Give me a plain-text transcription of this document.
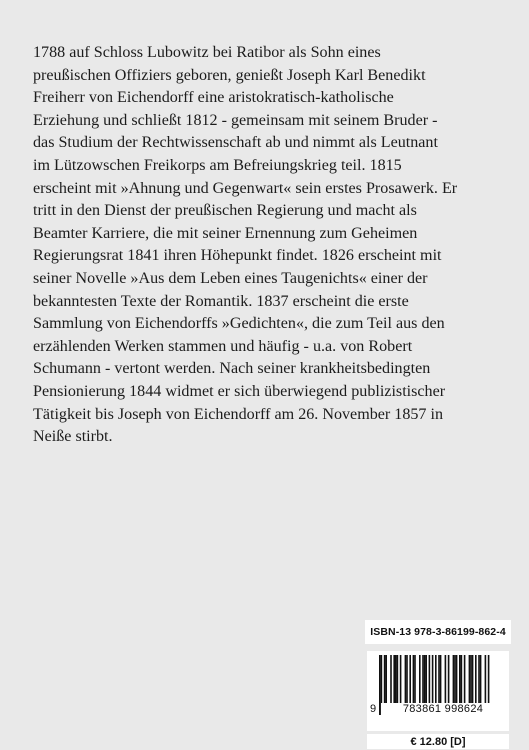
1788 auf Schloss Lubowitz bei Ratibor als Sohn eines
preußischen Offiziers geboren, genießt Joseph Karl Benedikt
Freiherr von Eichendorff eine aristokratisch-katholische
Erziehung und schließt 1812 - gemeinsam mit seinem Bruder -
das Studium der Rechtwissenschaft ab und nimmt als Leutnant
im Lützowschen Freikorps am Befreiungskrieg teil. 1815
erscheint mit »Ahnung und Gegenwart« sein erstes Prosawerk. Er
tritt in den Dienst der preußischen Regierung und macht als
Beamter Karriere, die mit seiner Ernennung zum Geheimen
Regierungsrat 1841 ihren Höhepunkt findet. 1826 erscheint mit
seiner Novelle »Aus dem Leben eines Taugenichts« einer der
bekanntesten Texte der Romantik. 1837 erscheint die erste
Sammlung von Eichendorffs »Gedichten«, die zum Teil aus den
erzählenden Werken stammen und häufig - u.a. von Robert
Schumann - vertont werden. Nach seiner krankheitsbedingten
Pensionierung 1844 widmet er sich überwiegend publizistischer
Tätigkeit bis Joseph von Eichendorff am 26. November 1857 in
Neiße stirbt.

ISBN-13 978-3-86199-862-4
9	783861 998624
€ 12.80 [D]
